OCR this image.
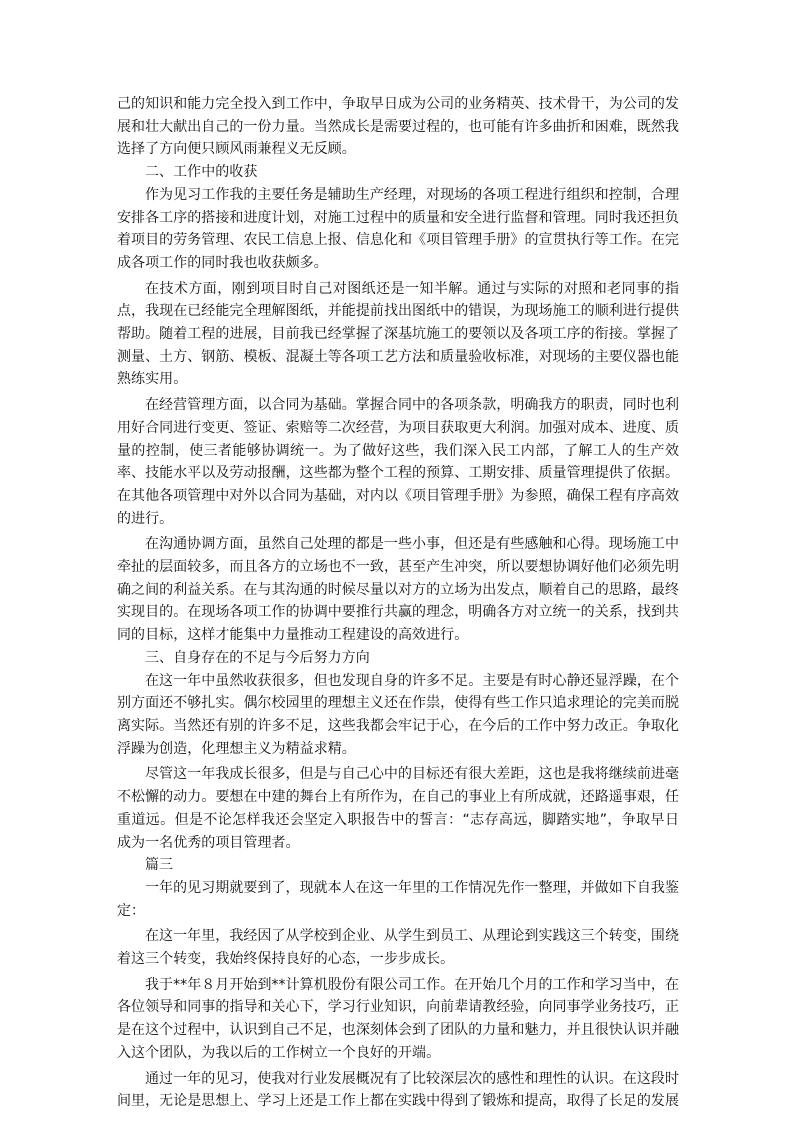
己的知识和能力完全投入到工作中，争取早日成为公司的业务精英、技术骨干，为公司的发展和壮大献出自己的一份力量。当然成长是需要过程的，也可能有许多曲折和困难，既然我选择了方向便只顾风雨兼程义无反顾。

二、工作中的收获

作为见习工作我的主要任务是辅助生产经理，对现场的各项工程进行组织和控制，合理安排各工序的搭接和进度计划，对施工过程中的质量和安全进行监督和管理。同时我还担负着项目的劳务管理、农民工信息上报、信息化和《项目管理手册》的宣贯执行等工作。在完成各项工作的同时我也收获颇多。

在技术方面，刚到项目时自己对图纸还是一知半解。通过与实际的对照和老同事的指点，我现在已经能完全理解图纸，并能提前找出图纸中的错误，为现场施工的顺利进行提供帮助。随着工程的进展，目前我已经掌握了深基坑施工的要领以及各项工序的衔接。掌握了测量、土方、钢筋、模板、混凝土等各项工艺方法和质量验收标准，对现场的主要仪器也能熟练实用。

在经营管理方面，以合同为基础。掌握合同中的各项条款，明确我方的职责，同时也利用好合同进行变更、签证、索赔等二次经营，为项目获取更大利润。加强对成本、进度、质量的控制，使三者能够协调统一。为了做好这些，我们深入民工内部，了解工人的生产效率、技能水平以及劳动报酬，这些都为整个工程的预算、工期安排、质量管理提供了依据。在其他各项管理中对外以合同为基础，对内以《项目管理手册》为参照，确保工程有序高效的进行。

在沟通协调方面，虽然自己处理的都是一些小事，但还是有些感触和心得。现场施工中牵扯的层面较多，而且各方的立场也不一致，甚至产生冲突，所以要想协调好他们必须先明确之间的利益关系。在与其沟通的时候尽量以对方的立场为出发点，顺着自己的思路，最终实现目的。在现场各项工作的协调中要推行共赢的理念，明确各方对立统一的关系，找到共同的目标，这样才能集中力量推动工程建设的高效进行。

三、自身存在的不足与今后努力方向

在这一年中虽然收获很多，但也发现自身的许多不足。主要是有时心静还显浮躁，在个别方面还不够扎实。偶尔校园里的理想主义还在作祟，使得有些工作只追求理论的完美而脱离实际。当然还有别的许多不足，这些我都会牢记于心，在今后的工作中努力改正。争取化浮躁为创造，化理想主义为精益求精。

尽管这一年我成长很多，但是与自己心中的目标还有很大差距，这也是我将继续前进毫不松懈的动力。要想在中建的舞台上有所作为，在自己的事业上有所成就，还路遥事艰，任重道远。但是不论怎样我还会坚定入职报告中的誓言：“志存高远，脚踏实地”，争取早日成为一名优秀的项目管理者。

篇三

一年的见习期就要到了，现就本人在这一年里的工作情况先作一整理，并做如下自我鉴定：

在这一年里，我经因了从学校到企业、从学生到员工、从理论到实践这三个转变，围绕着这三个转变，我始终保持良好的心态，一步步成长。

我于**年８月开始到**计算机股份有限公司工作。在开始几个月的工作和学习当中，在各位领导和同事的指导和关心下，学习行业知识，向前辈请教经验，向同事学业务技巧，正是在这个过程中，认识到自己不足，也深刻体会到了团队的力量和魅力，并且很快认识并融入这个团队，为我以后的工作树立一个良好的开端。

通过一年的见习，使我对行业发展概况有了比较深层次的感性和理性的认识。在这段时间里，无论是思想上、学习上还是工作上都在实践中得到了锻炼和提高，取得了长足的发展
